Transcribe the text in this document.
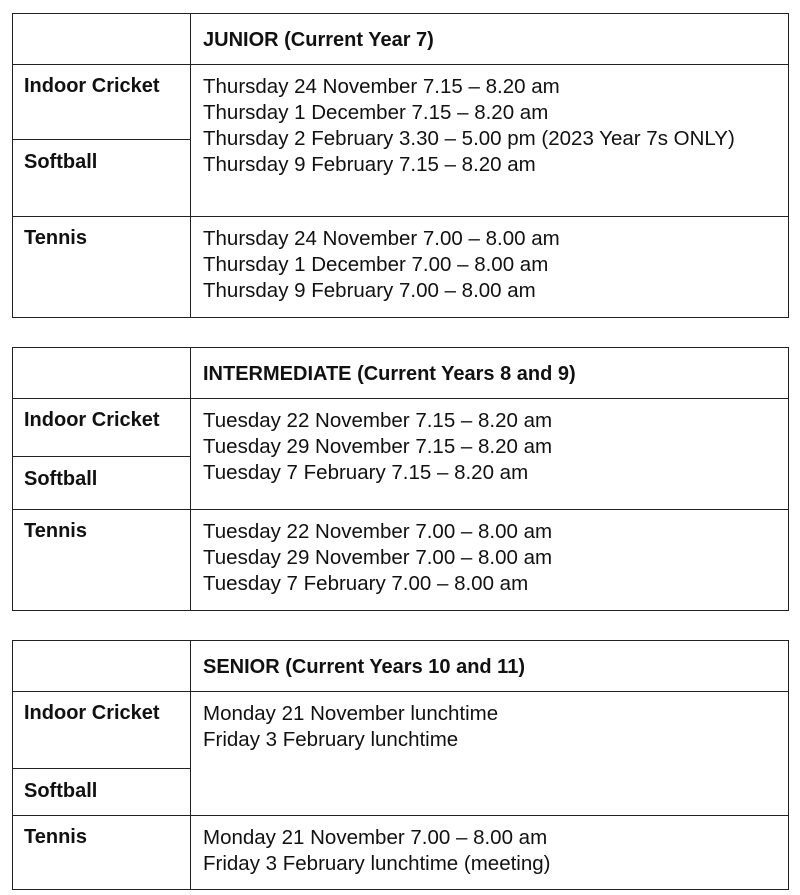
	JUNIOR (Current Year 7)
Indoor Cricket	Thursday 24 November 7.15 – 8.20 am
Thursday 1 December 7.15 – 8.20 am
Thursday 2 February 3.30 – 5.00 pm (2023 Year 7s ONLY)
Thursday 9 February 7.15 – 8.20 am

Softball	
Tennis	Thursday 24 November 7.00 – 8.00 am
Thursday 1 December 7.00 – 8.00 am
Thursday 9 February 7.00 – 8.00 am
	INTERMEDIATE (Current Years 8 and 9)
Indoor Cricket	Tuesday 22 November 7.15 – 8.20 am
Tuesday 29 November 7.15 – 8.20 am
Tuesday 7 February 7.15 – 8.20 am

Softball	
Tennis	Tuesday 22 November 7.00 – 8.00 am
Tuesday 29 November 7.00 – 8.00 am
Tuesday 7 February 7.00 – 8.00 am
	SENIOR (Current Years 10 and 11)
Indoor Cricket	Monday 21 November lunchtime
Friday 3 February lunchtime

Softball	
Tennis	Monday 21 November 7.00 – 8.00 am
Friday 3 February lunchtime (meeting)
